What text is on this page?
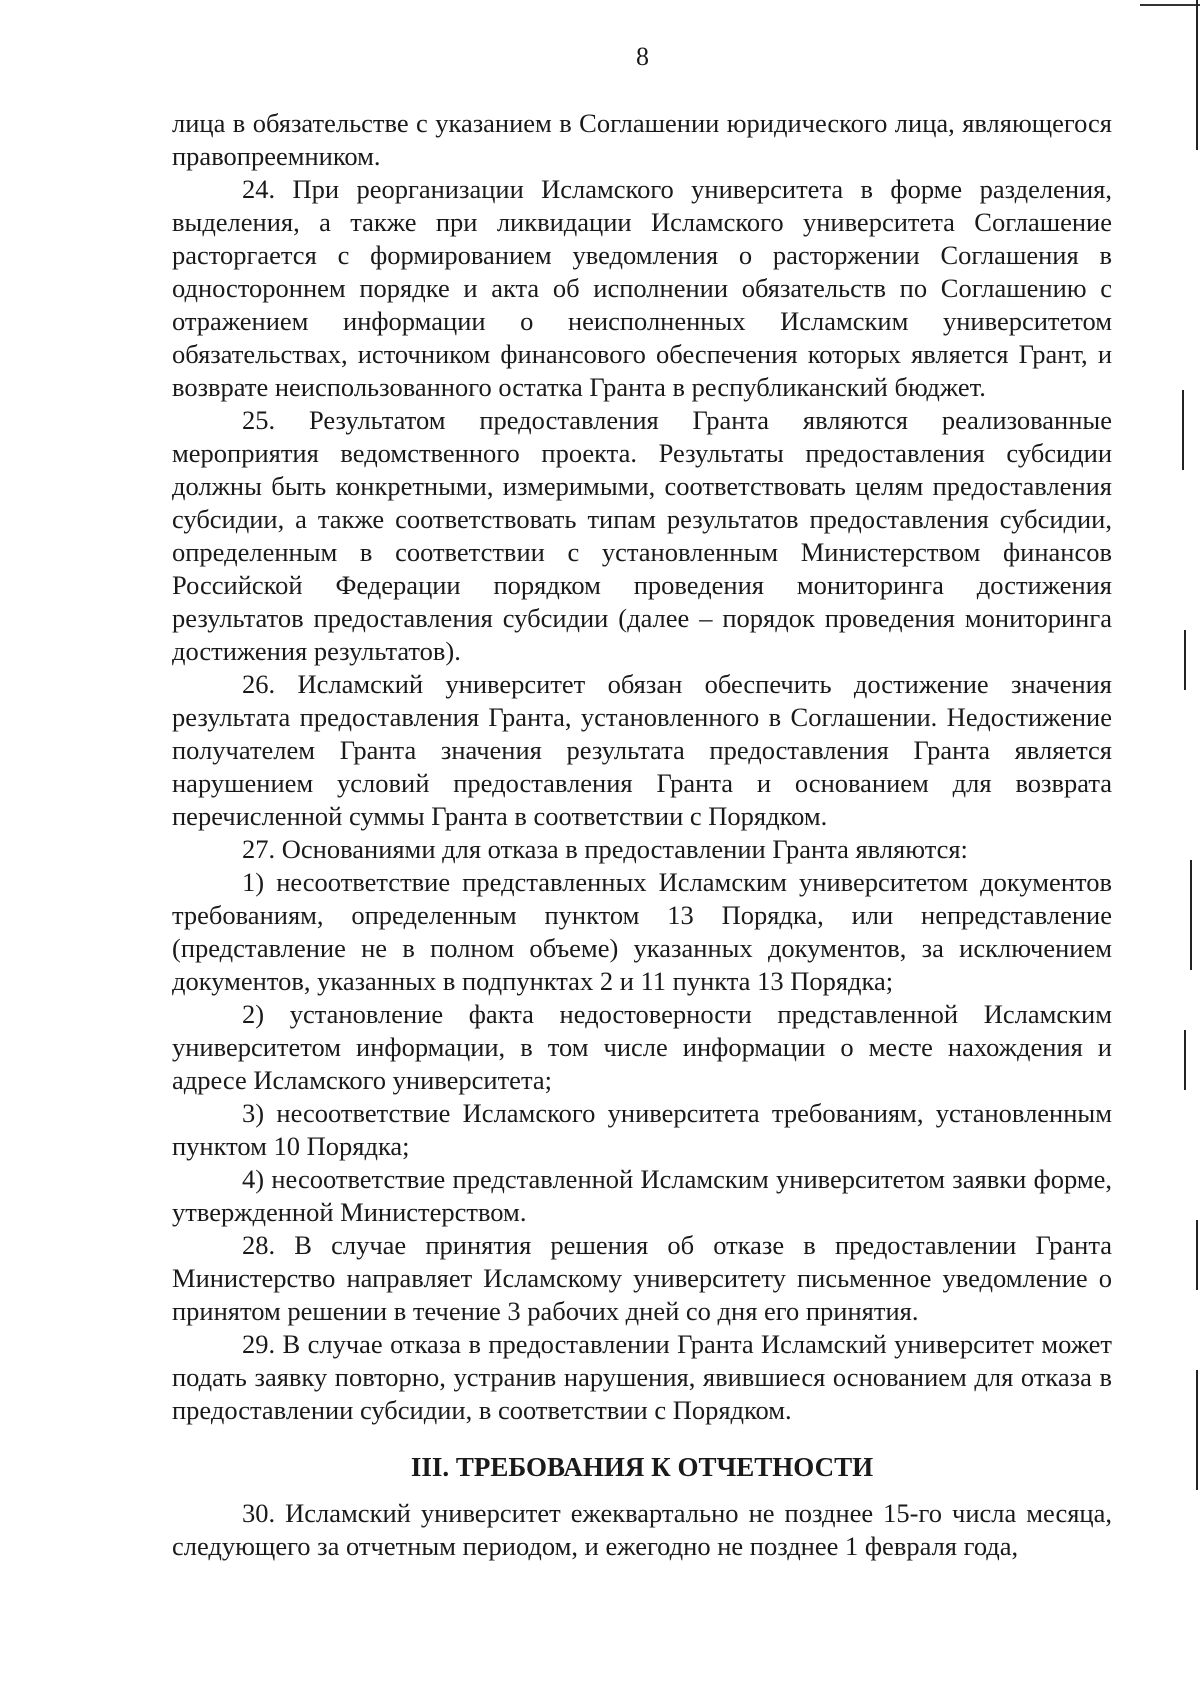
8

лица в обязательстве с указанием в Соглашении юридического лица, являющегося правопреемником.

24. При реорганизации Исламского университета в форме разделения, выделения, а также при ликвидации Исламского университета Соглашение расторгается с формированием уведомления о расторжении Соглашения в одностороннем порядке и акта об исполнении обязательств по Соглашению с отражением информации о неисполненных Исламским университетом обязательствах, источником финансового обеспечения которых является Грант, и возврате неиспользованного остатка Гранта в республиканский бюджет.

25. Результатом предоставления Гранта являются реализованные мероприятия ведомственного проекта. Результаты предоставления субсидии должны быть конкретными, измеримыми, соответствовать целям предоставления субсидии, а также соответствовать типам результатов предоставления субсидии, определенным в соответствии с установленным Министерством финансов Российской Федерации порядком проведения мониторинга достижения результатов предоставления субсидии (далее – порядок проведения мониторинга достижения результатов).

26. Исламский университет обязан обеспечить достижение значения результата предоставления Гранта, установленного в Соглашении. Недостижение получателем Гранта значения результата предоставления Гранта является нарушением условий предоставления Гранта и основанием для возврата перечисленной суммы Гранта в соответствии с Порядком.

27. Основаниями для отказа в предоставлении Гранта являются:

1) несоответствие представленных Исламским университетом документов требованиям, определенным пунктом 13 Порядка, или непредставление (представление не в полном объеме) указанных документов, за исключением документов, указанных в подпунктах 2 и 11 пункта 13 Порядка;

2) установление факта недостоверности представленной Исламским университетом информации, в том числе информации о месте нахождения и адресе Исламского университета;

3) несоответствие Исламского университета требованиям, установленным пунктом 10 Порядка;

4) несоответствие представленной Исламским университетом заявки форме, утвержденной Министерством.

28. В случае принятия решения об отказе в предоставлении Гранта Министерство направляет Исламскому университету письменное уведомление о принятом решении в течение 3 рабочих дней со дня его принятия.

29. В случае отказа в предоставлении Гранта Исламский университет может подать заявку повторно, устранив нарушения, явившиеся основанием для отказа в предоставлении субсидии, в соответствии с Порядком.

III. ТРЕБОВАНИЯ К ОТЧЕТНОСТИ

30. Исламский университет ежеквартально не позднее 15-го числа месяца, следующего за отчетным периодом, и ежегодно не позднее 1 февраля года,
